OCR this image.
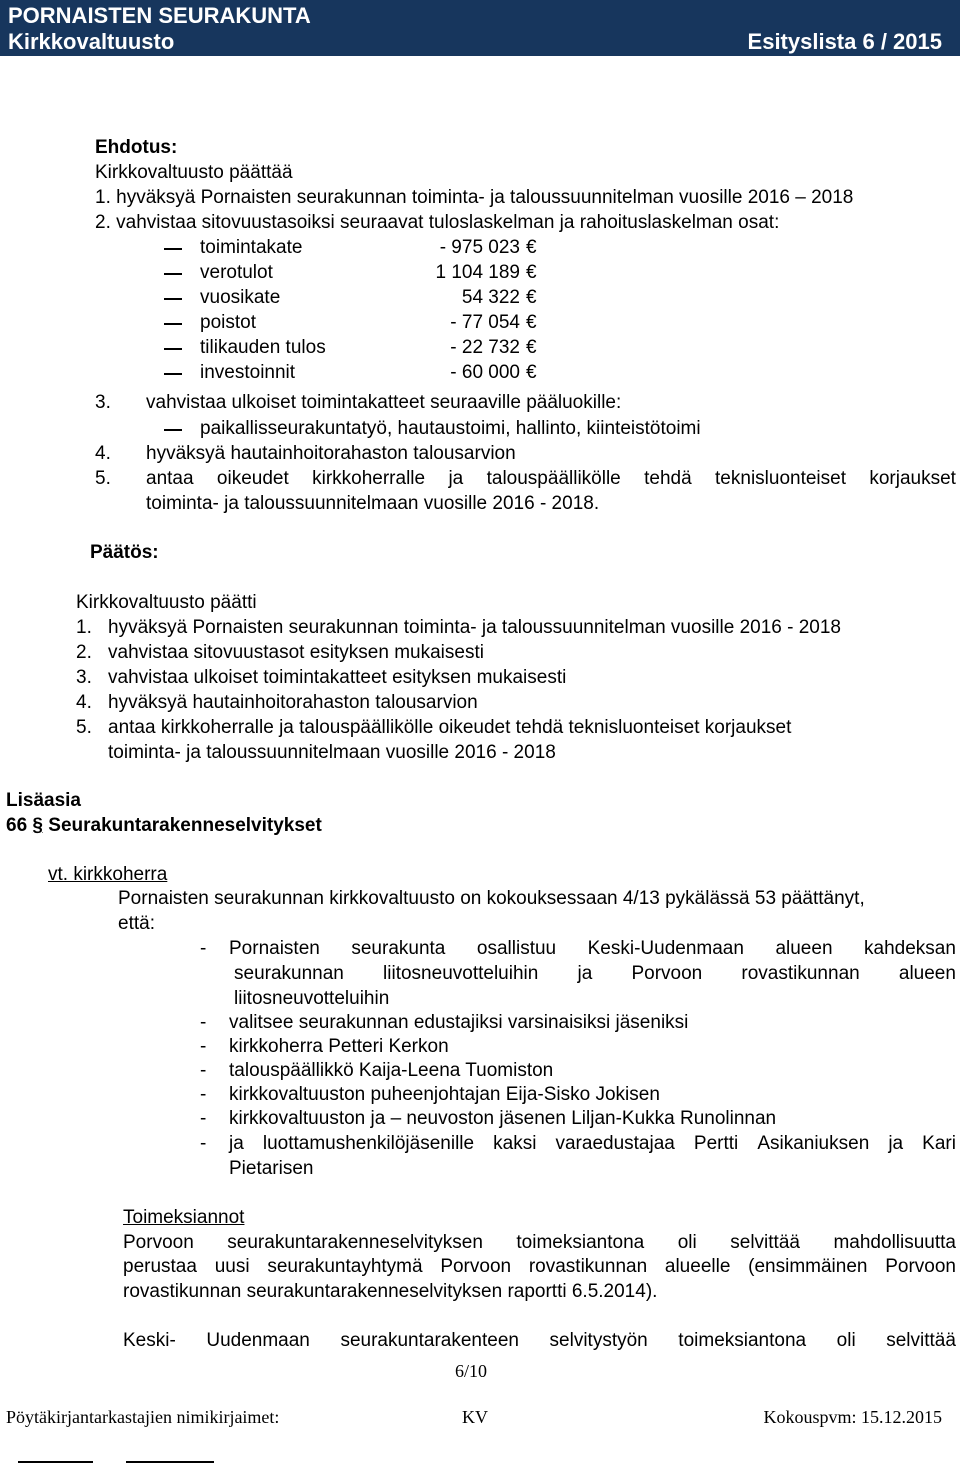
PORNAISTEN SEURAKUNTA
Kirkkovaltuusto	Esityslista 6 / 2015
Ehdotus:
Kirkkovaltuusto päättää
1. hyväksyä Pornaisten seurakunnan toiminta- ja taloussuunnitelman vuosille 2016 – 2018
2. vahvistaa sitovuustasoiksi seuraavat tuloslaskelman ja rahoituslaskelman osat:
toimintakate	- 975 023 €
verotulot	1 104 189 €
vuosikate	54 322 €
poistot	- 77 054 €
tilikauden tulos	- 22 732 €
investoinnit	- 60 000 €
3. vahvistaa ulkoiset toimintakatteet seuraaville pääluokille:
paikallisseurakuntatyö, hautaustoimi, hallinto, kiinteistötoimi
4. hyväksyä hautainhoitorahaston talousarvion
5. antaa oikeudet kirkkoherralle ja talouspäällikölle tehdä teknisluonteiset korjaukset
toiminta- ja taloussuunnitelmaan vuosille 2016 - 2018.
Päätös:
Kirkkovaltuusto päätti
1. hyväksyä Pornaisten seurakunnan toiminta- ja taloussuunnitelman vuosille 2016 - 2018
2. vahvistaa sitovuustasot esityksen mukaisesti
3. vahvistaa ulkoiset toimintakatteet esityksen mukaisesti
4. hyväksyä hautainhoitorahaston talousarvion
5. antaa kirkkoherralle ja talouspäällikölle oikeudet tehdä teknisluonteiset korjaukset
toiminta- ja taloussuunnitelmaan vuosille 2016 - 2018
Lisäasia
66 § Seurakuntarakenneselvitykset
vt. kirkkoherra
Pornaisten seurakunnan kirkkovaltuusto on kokouksessaan 4/13 pykälässä 53 päättänyt,
että:
- Pornaisten seurakunta osallistuu Keski-Uudenmaan alueen kahdeksan
seurakunnan liitosneuvotteluihin ja Porvoon rovastikunnan alueen
liitosneuvotteluihin
- valitsee seurakunnan edustajiksi varsinaisiksi jäseniksi
- kirkkoherra Petteri Kerkon
- talouspäällikkö Kaija-Leena Tuomiston
- kirkkovaltuuston puheenjohtajan Eija-Sisko Jokisen
- kirkkovaltuuston ja – neuvoston jäsenen Liljan-Kukka Runolinnan
- ja luottamushenkilöjäsenille kaksi varaedustajaa Pertti Asikaniuksen ja Kari
Pietarisen
Toimeksiannot
Porvoon seurakuntarakenneselvityksen toimeksiantona oli selvittää mahdollisuutta
perustaa uusi seurakuntayhtymä Porvoon rovastikunnan alueelle (ensimmäinen Porvoon
rovastikunnan seurakuntarakenneselvityksen raportti 6.5.2014).
Keski- Uudenmaan seurakuntarakenteen selvitystyön toimeksiantona oli selvittää
6/10
Pöytäkirjantarkastajien nimikirjaimet:	KV	Kokouspvm: 15.12.2015
